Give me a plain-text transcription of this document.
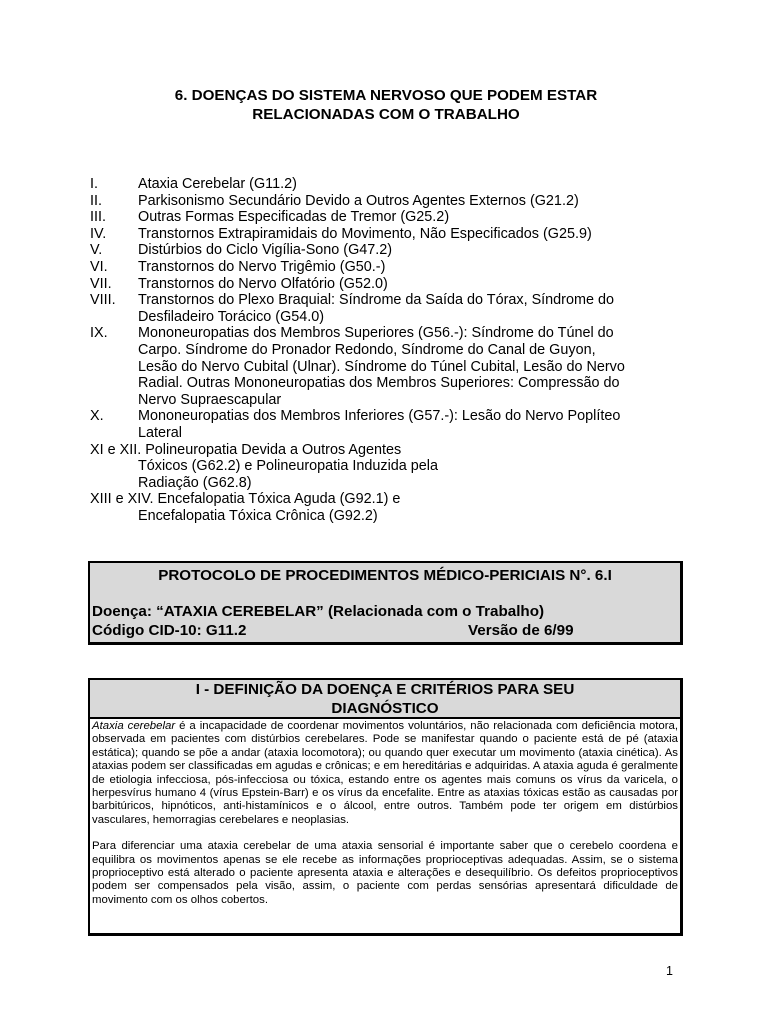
6. DOENÇAS DO SISTEMA NERVOSO QUE PODEM ESTAR
RELACIONADAS COM O TRABALHO
I.	Ataxia Cerebelar (G11.2)
II.	Parkisonismo Secundário Devido a Outros Agentes Externos (G21.2)
III. Outras Formas Especificadas de Tremor (G25.2)
IV. Transtornos Extrapiramidais do Movimento, Não Especificados (G25.9)
V. Distúrbios do Ciclo Vigília-Sono (G47.2)
VI. Transtornos do Nervo Trigêmio (G50.-)
VII. Transtornos do Nervo Olfatório (G52.0)
VIII. Transtornos do Plexo Braquial: Síndrome da Saída do Tórax, Síndrome do
Desfiladeiro Torácico (G54.0)
IX. Mononeuropatias dos Membros Superiores (G56.-): Síndrome do Túnel do
Carpo. Síndrome do Pronador Redondo, Síndrome do Canal de Guyon,
Lesão do Nervo Cubital (Ulnar). Síndrome do Túnel Cubital, Lesão do Nervo
Radial. Outras Mononeuropatias dos Membros Superiores: Compressão do
Nervo Supraescapular
X. Mononeuropatias dos Membros Inferiores (G57.-): Lesão do Nervo Poplíteo
Lateral
XI e XII. Polineuropatia Devida a Outros Agentes
Tóxicos (G62.2) e Polineuropatia Induzida pela
Radiação (G62.8)
XIII e XIV. Encefalopatia Tóxica Aguda (G92.1) e
Encefalopatia Tóxica Crônica (G92.2)
PROTOCOLO DE PROCEDIMENTOS MÉDICO-PERICIAIS N°. 6.I
Doença: “ATAXIA CEREBELAR” (Relacionada com o Trabalho)
Código CID-10: G11.2	Versão de 6/99
I - DEFINIÇÃO DA DOENÇA E CRITÉRIOS PARA SEU
DIAGNÓSTICO

Ataxia cerebelar é a incapacidade de coordenar movimentos voluntários, não relacionada com deficiência motora, observada em pacientes com distúrbios cerebelares. Pode se manifestar quando o paciente está de pé (ataxia estática); quando se põe a andar (ataxia locomotora); ou quando quer executar um movimento (ataxia cinética). As ataxias podem ser classificadas em agudas e crônicas; e em hereditárias e adquiridas. A ataxia aguda é geralmente de etiologia infecciosa, pós-infecciosa ou tóxica, estando entre os agentes mais comuns os vírus da varicela, o herpesvírus humano 4 (vírus Epstein-Barr) e os vírus da encefalite. Entre as ataxias tóxicas estão as causadas por barbitúricos, hipnóticos, anti-histamínicos e o álcool, entre outros. Também pode ter origem em distúrbios vasculares, hemorragias cerebelares e neoplasias.

Para diferenciar uma ataxia cerebelar de uma ataxia sensorial é importante saber que o cerebelo coordena e equilibra os movimentos apenas se ele recebe as informações proprioceptivas adequadas. Assim, se o sistema proprioceptivo está alterado o paciente apresenta ataxia e alterações e desequilíbrio. Os defeitos proprioceptivos podem ser compensados pela visão, assim, o paciente com perdas sensórias apresentará dificuldade de movimento com os olhos cobertos.

1
